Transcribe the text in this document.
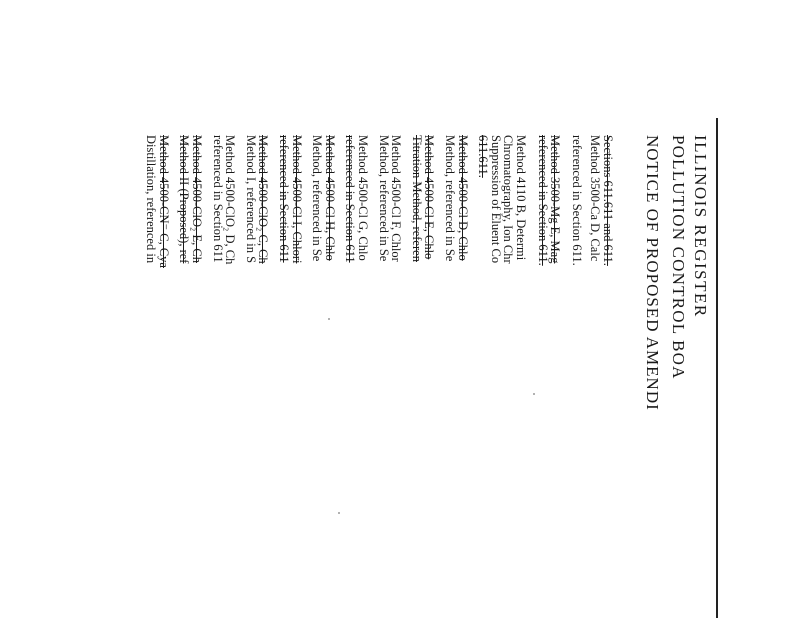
ILLINOIS REGISTER
POLLUTION CONTROL BOA
NOTICE OF PROPOSED AMENDI
Sections 611.611 and 611.
Method 3500-Ca D, Calc
referenced in Section 611.
Method 3500-Mg E, Mag
referenced in Section 611.
Method 4110 B, Determi
Chromatography, Ion Chr
Suppression of Eluent Co
611.611.
Method 4500-Cl D, Chlo
Method, referenced in Se
Method 4500-Cl E, Chlo
Titration Method, referen
Method 4500-Cl F, Chlor
Method, referenced in Se
Method 4500-Cl G, Chlo
referenced in Section 611
Method 4500-Cl H, Chlo
Method, referenced in Se
Method 4500-Cl I, Chlori
referenced in Section 611
Method 4500-ClO₂ C, Ch
Method I, referenced in S
Method 4500-ClO₂ D, Ch
referenced in Section 611
Method 4500-ClO₂ E, Ch
Method II (Proposed), ref
Method 4500-CN⁻ C, Cya
Distillation, referenced in
